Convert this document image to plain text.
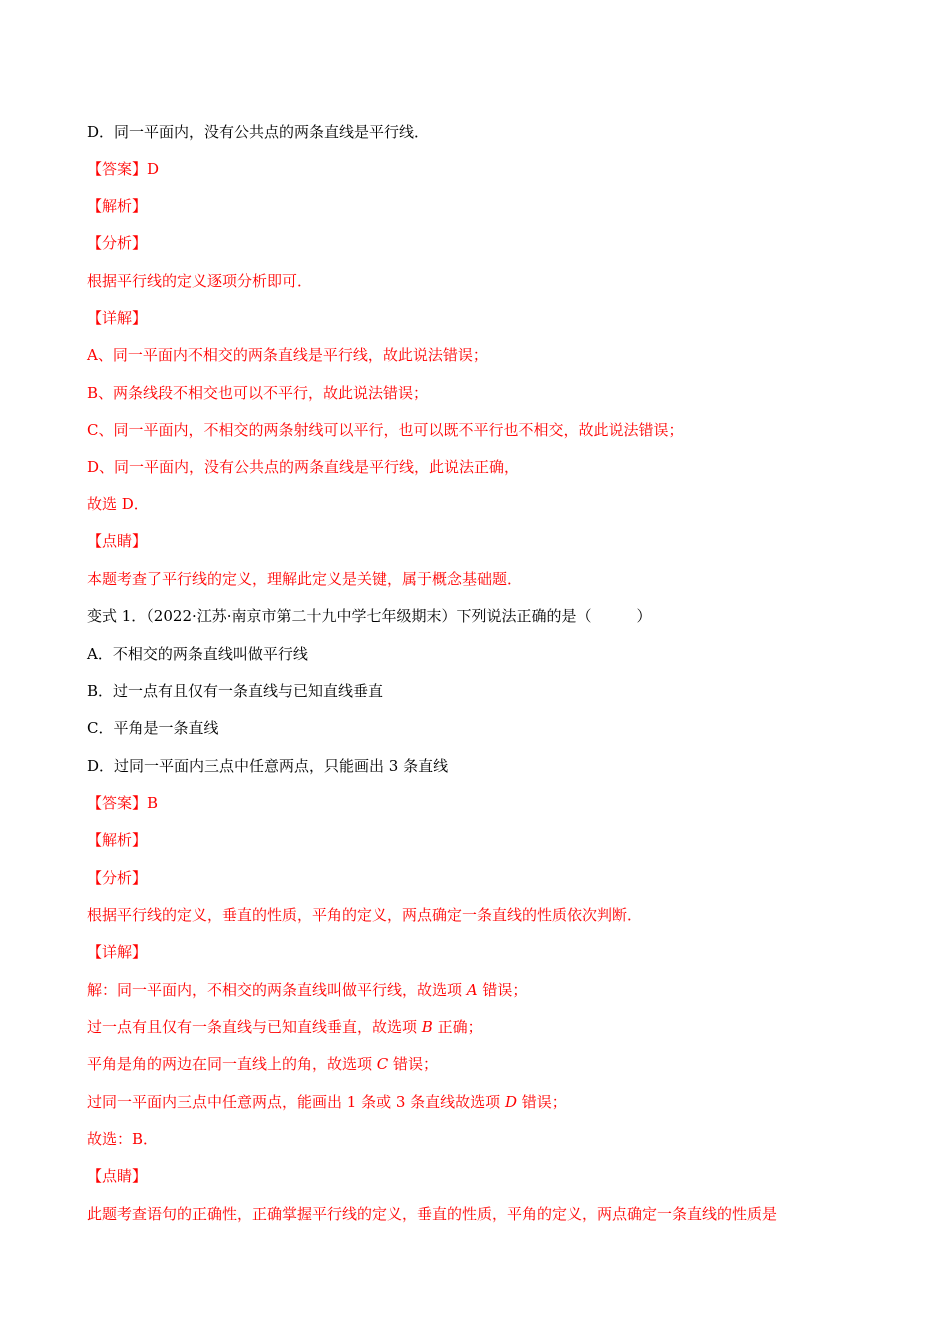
D．同一平面内，没有公共点的两条直线是平行线．
【答案】D
【解析】
【分析】
根据平行线的定义逐项分析即可．
【详解】
A、同一平面内不相交的两条直线是平行线，故此说法错误；
B、两条线段不相交也可以不平行，故此说法错误；
C、同一平面内，不相交的两条射线可以平行，也可以既不平行也不相交，故此说法错误；
D、同一平面内，没有公共点的两条直线是平行线，此说法正确，
故选 D．
【点睛】
本题考查了平行线的定义，理解此定义是关键，属于概念基础题．
变式 1．（2022·江苏·南京市第二十九中学七年级期末）下列说法正确的是（　　　）
A．不相交的两条直线叫做平行线
B．过一点有且仅有一条直线与已知直线垂直
C．平角是一条直线
D．过同一平面内三点中任意两点，只能画出 3 条直线
【答案】B
【解析】
【分析】
根据平行线的定义，垂直的性质，平角的定义，两点确定一条直线的性质依次判断．
【详解】
解：同一平面内，不相交的两条直线叫做平行线，故选项 A 错误；
过一点有且仅有一条直线与已知直线垂直，故选项 B 正确；
平角是角的两边在同一直线上的角，故选项 C 错误；
过同一平面内三点中任意两点，能画出 1 条或 3 条直线故选项 D 错误；
故选：B．
【点睛】
此题考查语句的正确性，正确掌握平行线的定义，垂直的性质，平角的定义，两点确定一条直线的性质是
